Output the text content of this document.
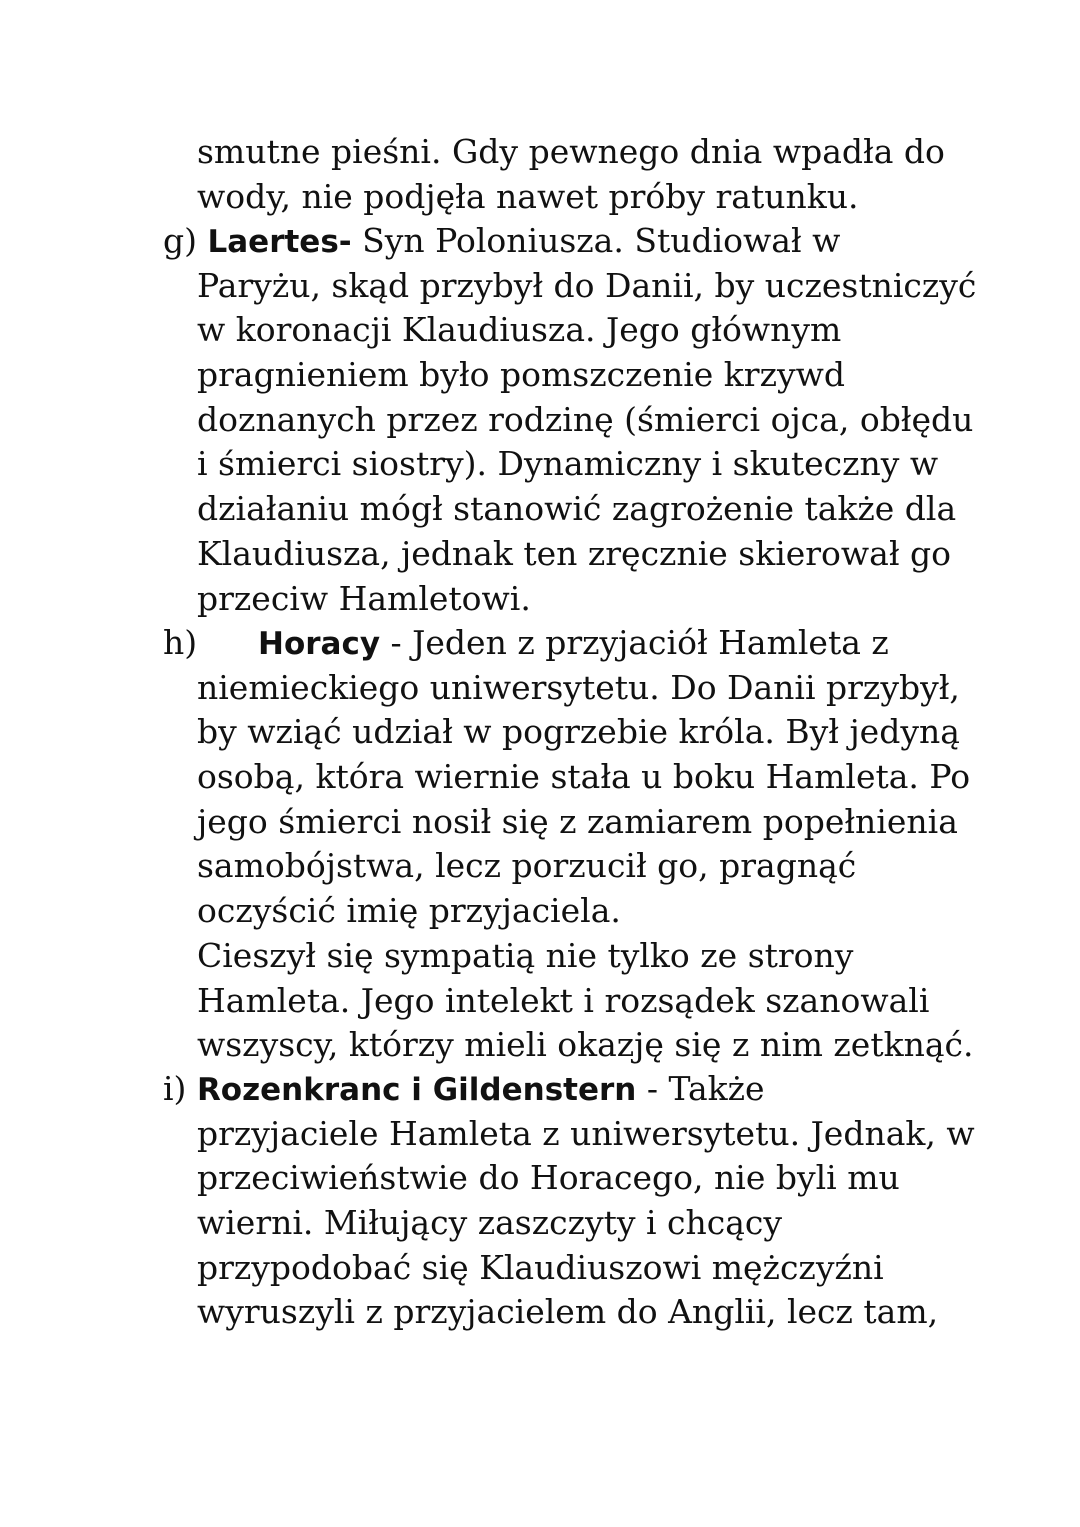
smutne pieśni. Gdy pewnego dnia wpadła do
wody, nie podjęła nawet próby ratunku.
g) Laertes- Syn Poloniusza. Studiował w
Paryżu, skąd przybył do Danii, by uczestniczyć
w koronacji Klaudiusza. Jego głównym
pragnieniem było pomszczenie krzywd
doznanych przez rodzinę (śmierci ojca, obłędu
i śmierci siostry). Dynamiczny i skuteczny w
działaniu mógł stanowić zagrożenie także dla
Klaudiusza, jednak ten zręcznie skierował go
przeciw Hamletowi.
h) Horacy - Jeden z przyjaciół Hamleta z
niemieckiego uniwersytetu. Do Danii przybył,
by wziąć udział w pogrzebie króla. Był jedyną
osobą, która wiernie stała u boku Hamleta. Po
jego śmierci nosił się z zamiarem popełnienia
samobójstwa, lecz porzucił go, pragnąć
oczyścić imię przyjaciela.
Cieszył się sympatią nie tylko ze strony
Hamleta. Jego intelekt i rozsądek szanowali
wszyscy, którzy mieli okazję się z nim zetknąć.
i) Rozenkranc i Gildenstern - Także
przyjaciele Hamleta z uniwersytetu. Jednak, w
przeciwieństwie do Horacego, nie byli mu
wierni. Miłujący zaszczyty i chcący
przypodobać się Klaudiuszowi mężczyźni
wyruszyli z przyjacielem do Anglii, lecz tam,
